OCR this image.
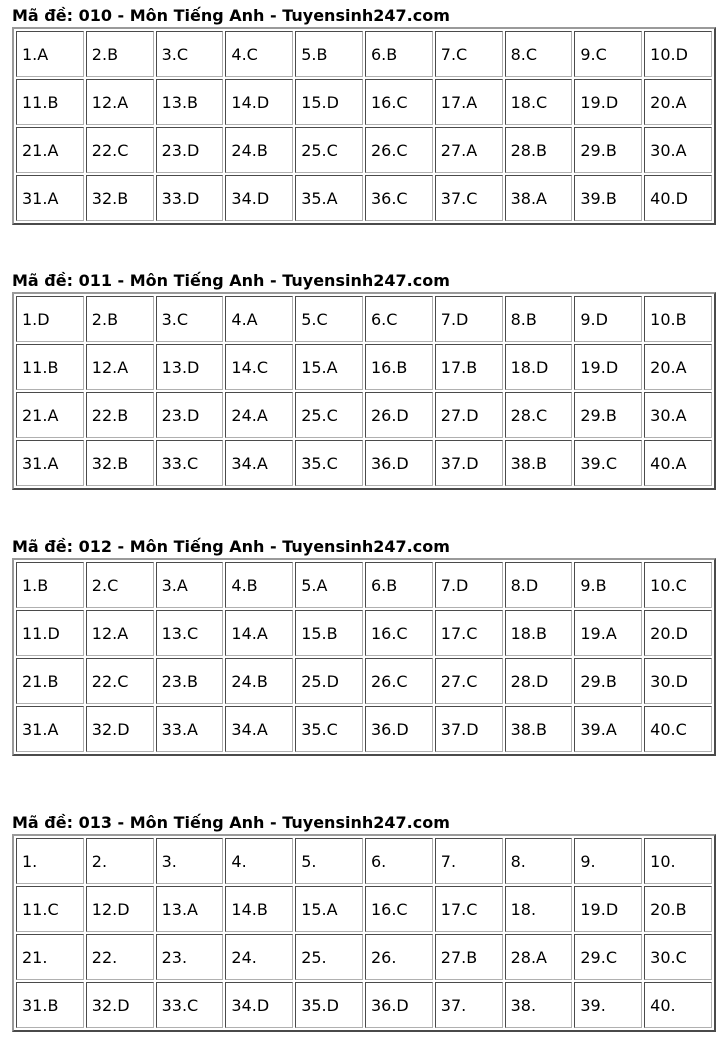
Mã đề: 010 - Môn Tiếng Anh - Tuyensinh247.com
1.A	2.B	3.C	4.C	5.B	6.B	7.C	8.C	9.C	10.D
11.B	12.A	13.B	14.D	15.D	16.C	17.A	18.C	19.D	20.A
21.A	22.C	23.D	24.B	25.C	26.C	27.A	28.B	29.B	30.A
31.A	32.B	33.D	34.D	35.A	36.C	37.C	38.A	39.B	40.D
Mã đề: 011 - Môn Tiếng Anh - Tuyensinh247.com
1.D	2.B	3.C	4.A	5.C	6.C	7.D	8.B	9.D	10.B
11.B	12.A	13.D	14.C	15.A	16.B	17.B	18.D	19.D	20.A
21.A	22.B	23.D	24.A	25.C	26.D	27.D	28.C	29.B	30.A
31.A	32.B	33.C	34.A	35.C	36.D	37.D	38.B	39.C	40.A
Mã đề: 012 - Môn Tiếng Anh - Tuyensinh247.com
1.B	2.C	3.A	4.B	5.A	6.B	7.D	8.D	9.B	10.C
11.D	12.A	13.C	14.A	15.B	16.C	17.C	18.B	19.A	20.D
21.B	22.C	23.B	24.B	25.D	26.C	27.C	28.D	29.B	30.D
31.A	32.D	33.A	34.A	35.C	36.D	37.D	38.B	39.A	40.C
Mã đề: 013 - Môn Tiếng Anh - Tuyensinh247.com
1.	2.	3.	4.	5.	6.	7.	8.	9.	10.
11.C	12.D	13.A	14.B	15.A	16.C	17.C	18.	19.D	20.B
21.	22.	23.	24.	25.	26.	27.B	28.A	29.C	30.C
31.B	32.D	33.C	34.D	35.D	36.D	37.	38.	39.	40.
